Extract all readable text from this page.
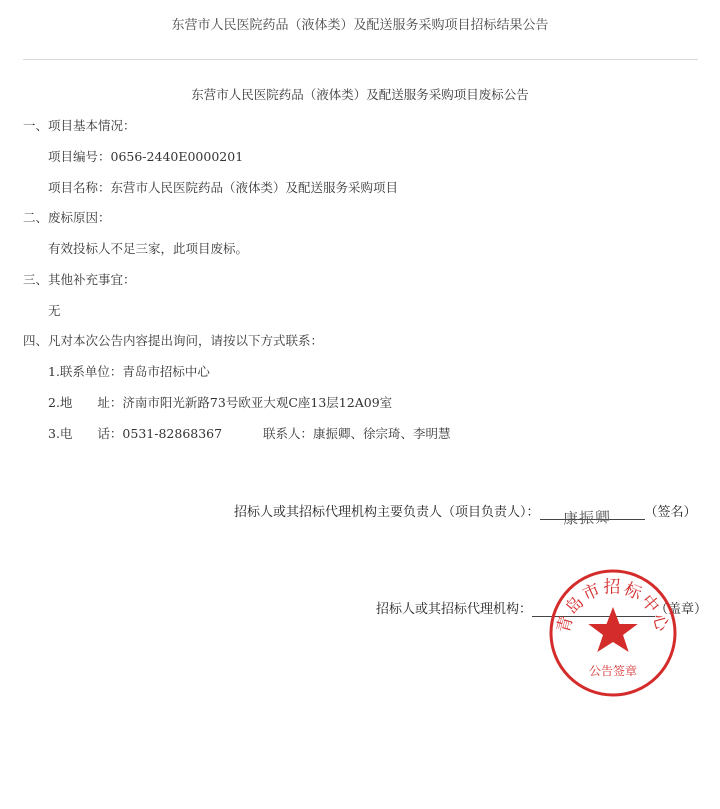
东营市人民医院药品（液体类）及配送服务采购项目招标结果公告
东营市人民医院药品（液体类）及配送服务采购项目废标公告
一、项目基本情况：
项目编号：0656-2440E0000201
项目名称：东营市人民医院药品（液体类）及配送服务采购项目
二、废标原因：
有效投标人不足三家，此项目废标。
三、其他补充事宜：
无
四、凡对本次公告内容提出询问，请按以下方式联系：
1.联系单位：青岛市招标中心
2.地　　址：济南市阳光新路73号欧亚大观C座13层12A09室
3.电　　话：0531-82868367	联系人：康振卿、徐宗琦、李明慧
招标人或其招标代理机构主要负责人（项目负责人）：	（签名）
康振卿
招标人或其招标代理机构：	（盖章）
青岛市招标中心
公告签章
